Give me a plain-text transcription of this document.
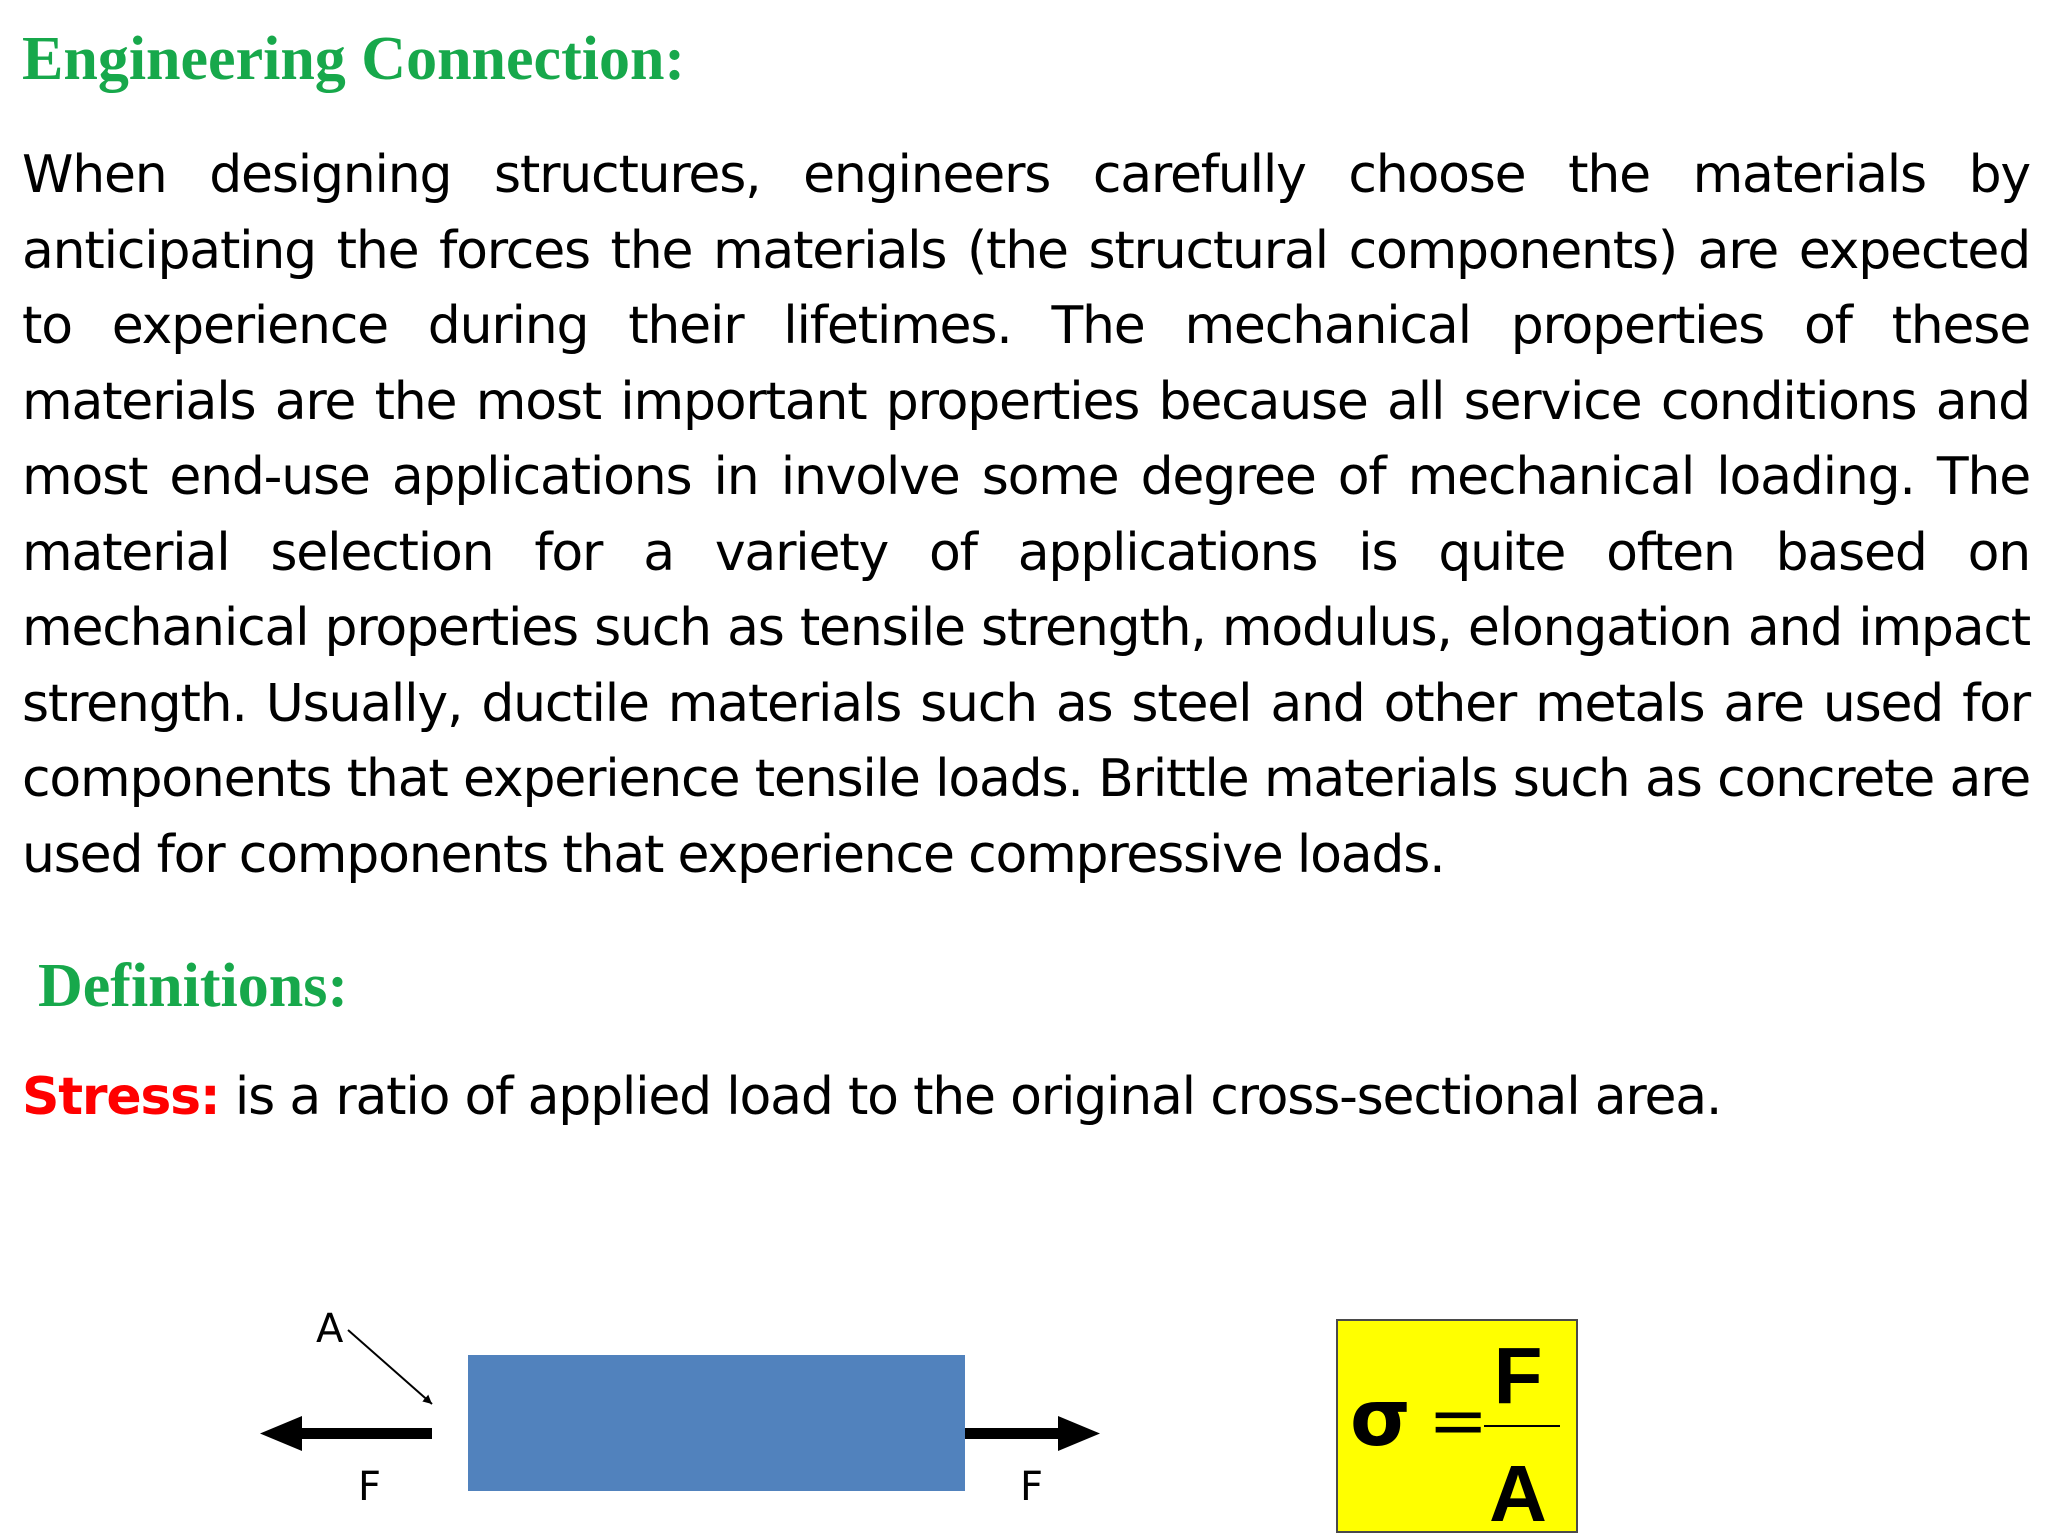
Engineering Connection:

When designing structures, engineers carefully choose the materials by anticipating the forces the materials (the structural components) are expected to experience during their lifetimes. The mechanical properties of these materials are the most important properties because all service conditions and most end-use applications in involve some degree of mechanical loading. The material selection for a variety of applications is quite often based on mechanical properties such as tensile strength, modulus, elongation and impact strength. Usually, ductile materials such as steel and other metals are used for components that experience tensile loads. Brittle materials such as concrete are used for components that experience compressive loads.

Definitions:

Stress: is a ratio of applied load to the original cross-sectional area.

A
F	F
σ = F
A
